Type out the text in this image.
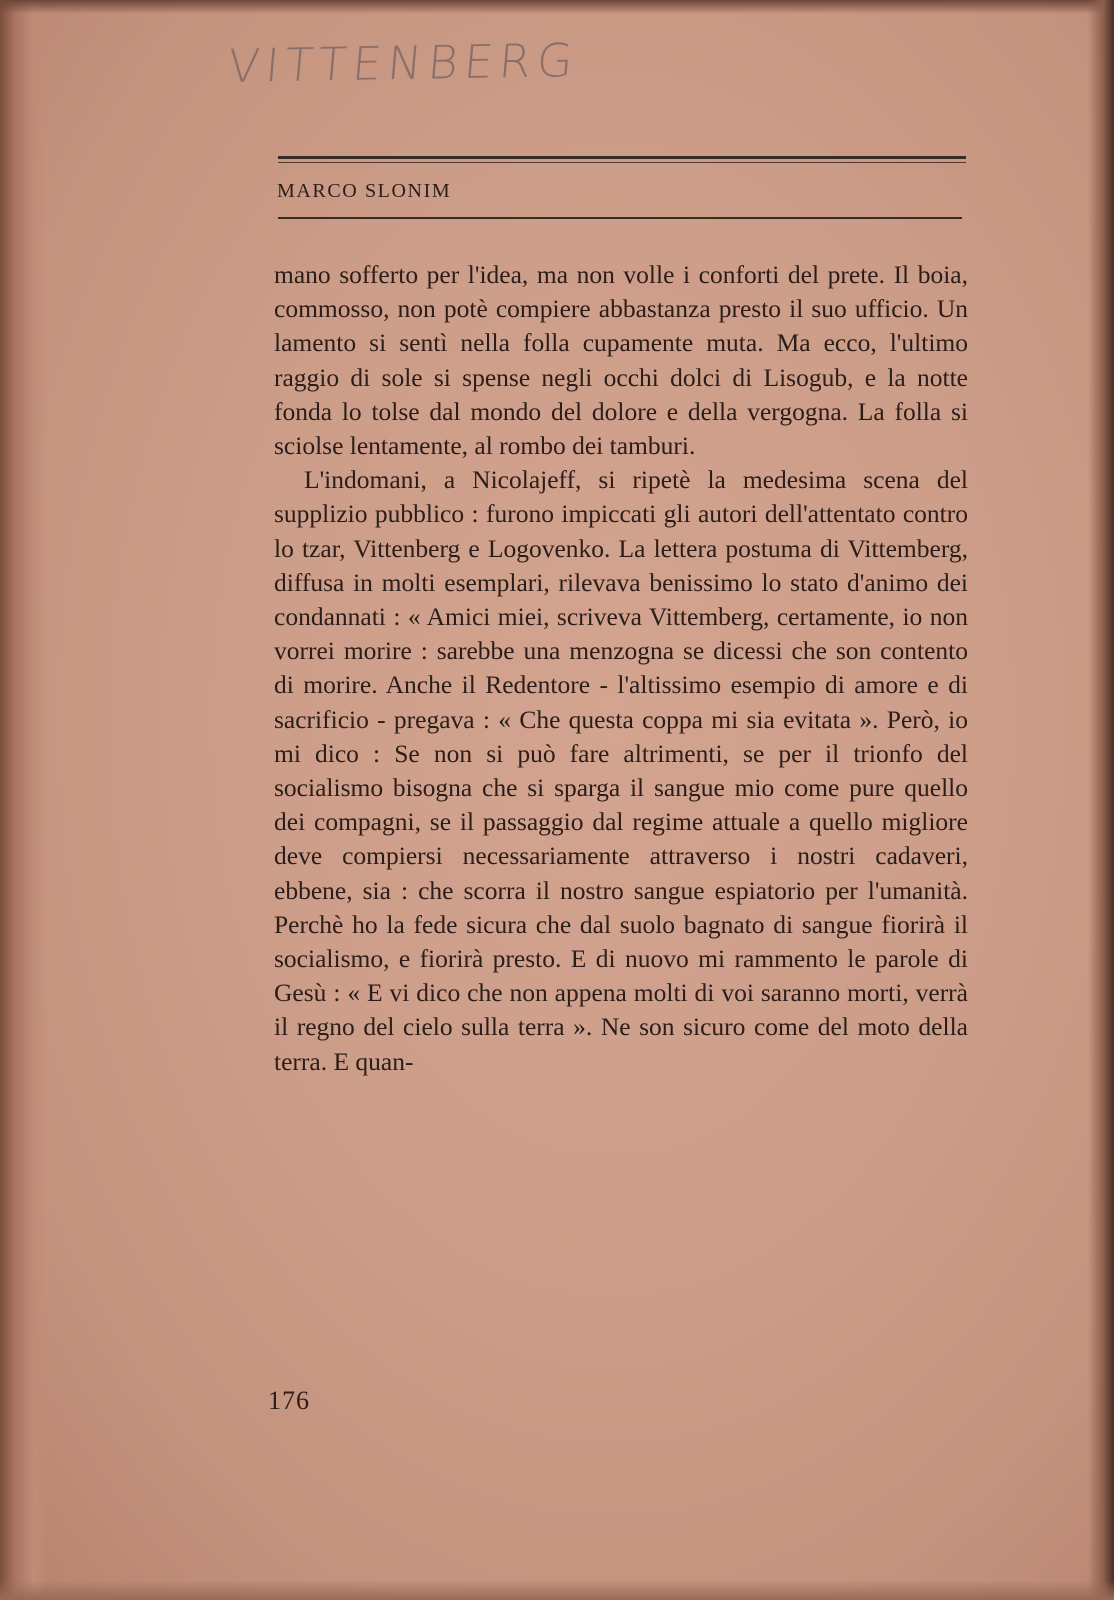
VITTENBERG
MARCO SLONIM

mano sofferto per l'idea, ma non volle i conforti del prete. Il boia, commosso, non potè compiere abbastanza presto il suo ufficio. Un lamento si sentì nella folla cupamente muta. Ma ecco, l'ultimo raggio di sole si spense negli occhi dolci di Lisogub, e la notte fonda lo tolse dal mondo del dolore e della vergogna. La folla si sciolse lentamente, al rombo dei tamburi.

L'indomani, a Nicolajeff, si ripetè la medesima scena del supplizio pubblico : furono impiccati gli autori dell'attentato contro lo tzar, Vittenberg e Logovenko. La lettera postuma di Vittemberg, diffusa in molti esemplari, rilevava benissimo lo stato d'animo dei condannati : « Amici miei, scriveva Vittemberg, certamente, io non vorrei morire : sarebbe una menzogna se dicessi che son contento di morire. Anche il Redentore - l'altissimo esempio di amore e di sacrificio - pregava : « Che questa coppa mi sia evitata ». Però, io mi dico : Se non si può fare altrimenti, se per il trionfo del socialismo bisogna che si sparga il sangue mio come pure quello dei compagni, se il passaggio dal regime attuale a quello migliore deve compiersi necessariamente attraverso i nostri cadaveri, ebbene, sia : che scorra il nostro sangue espiatorio per l'umanità. Perchè ho la fede sicura che dal suolo bagnato di sangue fiorirà il socialismo, e fiorirà presto. E di nuovo mi rammento le parole di Gesù : « E vi dico che non appena molti di voi saranno morti, verrà il regno del cielo sulla terra ». Ne son sicuro come del moto della terra. E quan-

176
